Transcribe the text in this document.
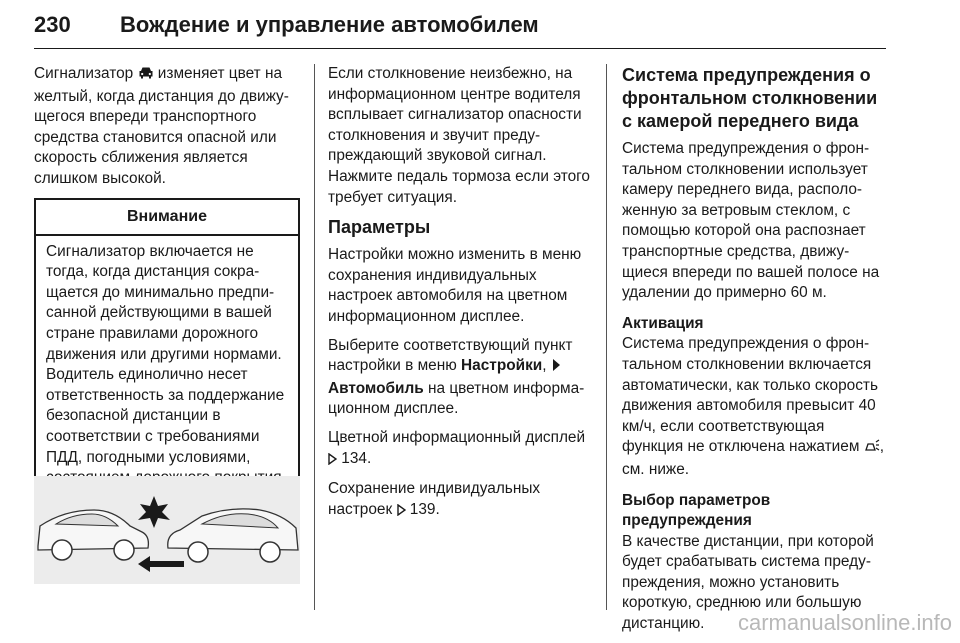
230 Вождение и управление автомобилем

Сигнализатор  изменяет цвет на желтый, когда дистанция до движущегося впереди транспортного средства становится опасной или скорость сближения является слишком высокой.

Внимание
Сигнализатор включается не тогда, когда дистанция сокращается до минимально предписанной действующими в вашей стране правилами дорожного движения или другими нормами. Водитель единолично несет ответственность за поддержание безопасной дистанции в соответствии с требованиями ПДД, погодными условиями,

Если столкновение неизбежно, на информационном центре водителя всплывает сигнализатор опасности столкновения и звучит предупреждающий звуковой сигнал. Нажмите педаль тормоза если этого требует ситуация.

Параметры

Настройки можно изменить в меню сохранения индивидуальных настроек автомобиля на цветном информационном дисплее.

Выберите соответствующий пункт настройки в меню Настройки,
Автомобиль на цветном информационном дисплее.

Цветной информационный дисплей  134.

Сохранение индивидуальных настроек  139.

Система предупреждения о фронтальном столкновении с камерой переднего вида

Система предупреждения о фронтальном столкновении использует камеру переднего вида, расположенную за ветровым стеклом, с помощью которой она распознает транспортные средства, движущиеся впереди по вашей полосе на удалении до примерно 60 м.

Активация

Система предупреждения о фронтальном столкновении включается автоматически, как только скорость движения автомобиля превысит 40 км/ч, если соответствующая функция не отключена нажатием , см. ниже.

Выбор параметров предупреждения

В качестве дистанции, при которой будет срабатывать система предупреждения, можно установить короткую, среднюю или большую дистанцию.	carmanualsonline.info
